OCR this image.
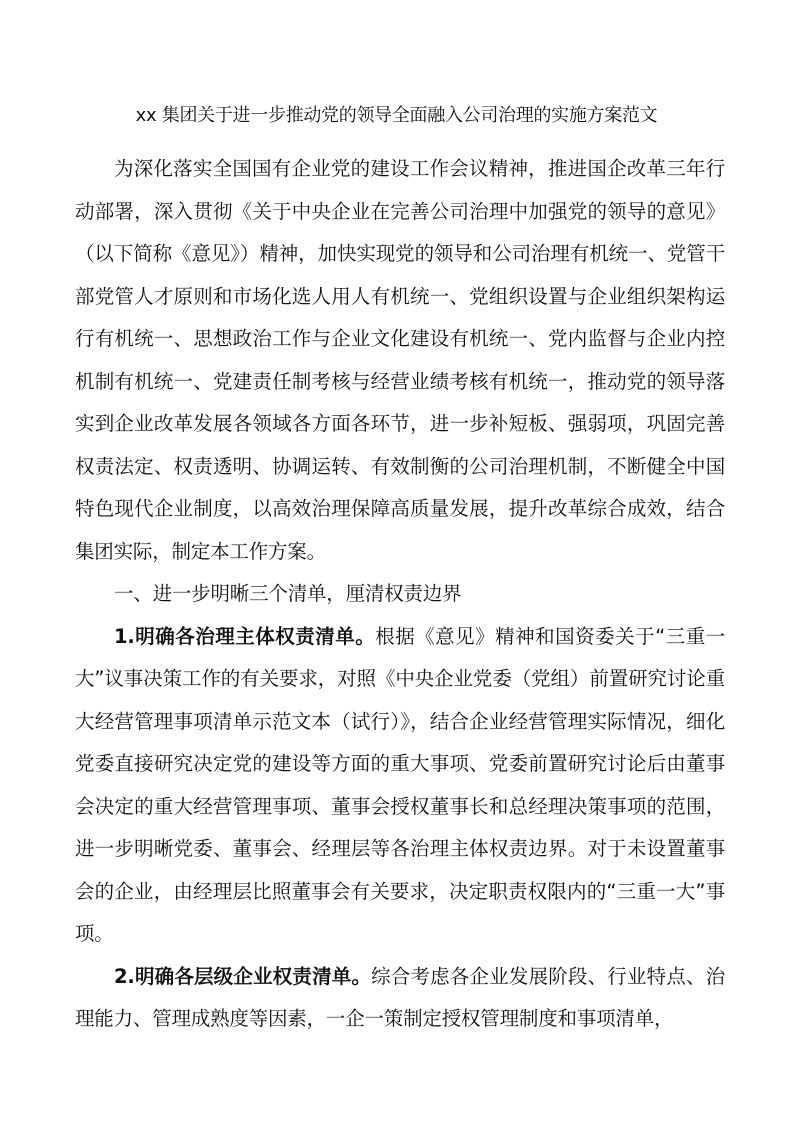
xx 集团关于进一步推动党的领导全面融入公司治理的实施方案范文

为深化落实全国国有企业党的建设工作会议精神，推进国企改革三年行动部署，深入贯彻《关于中央企业在完善公司治理中加强党的领导的意见》（以下简称《意见》）精神，加快实现党的领导和公司治理有机统一、党管干部党管人才原则和市场化选人用人有机统一、党组织设置与企业组织架构运行有机统一、思想政治工作与企业文化建设有机统一、党内监督与企业内控机制有机统一、党建责任制考核与经营业绩考核有机统一，推动党的领导落实到企业改革发展各领域各方面各环节，进一步补短板、强弱项，巩固完善权责法定、权责透明、协调运转、有效制衡的公司治理机制，不断健全中国特色现代企业制度，以高效治理保障高质量发展，提升改革综合成效，结合集团实际，制定本工作方案。

一、进一步明晰三个清单，厘清权责边界

1.明确各治理主体权责清单。根据《意见》精神和国资委关于“三重一大”议事决策工作的有关要求，对照《中央企业党委（党组）前置研究讨论重大经营管理事项清单示范文本（试行）》，结合企业经营管理实际情况，细化党委直接研究决定党的建设等方面的重大事项、党委前置研究讨论后由董事会决定的重大经营管理事项、董事会授权董事长和总经理决策事项的范围，进一步明晰党委、董事会、经理层等各治理主体权责边界。对于未设置董事会的企业，由经理层比照董事会有关要求，决定职责权限内的“三重一大”事项。

2.明确各层级企业权责清单。综合考虑各企业发展阶段、行业特点、治理能力、管理成熟度等因素，一企一策制定授权管理制度和事项清单，
